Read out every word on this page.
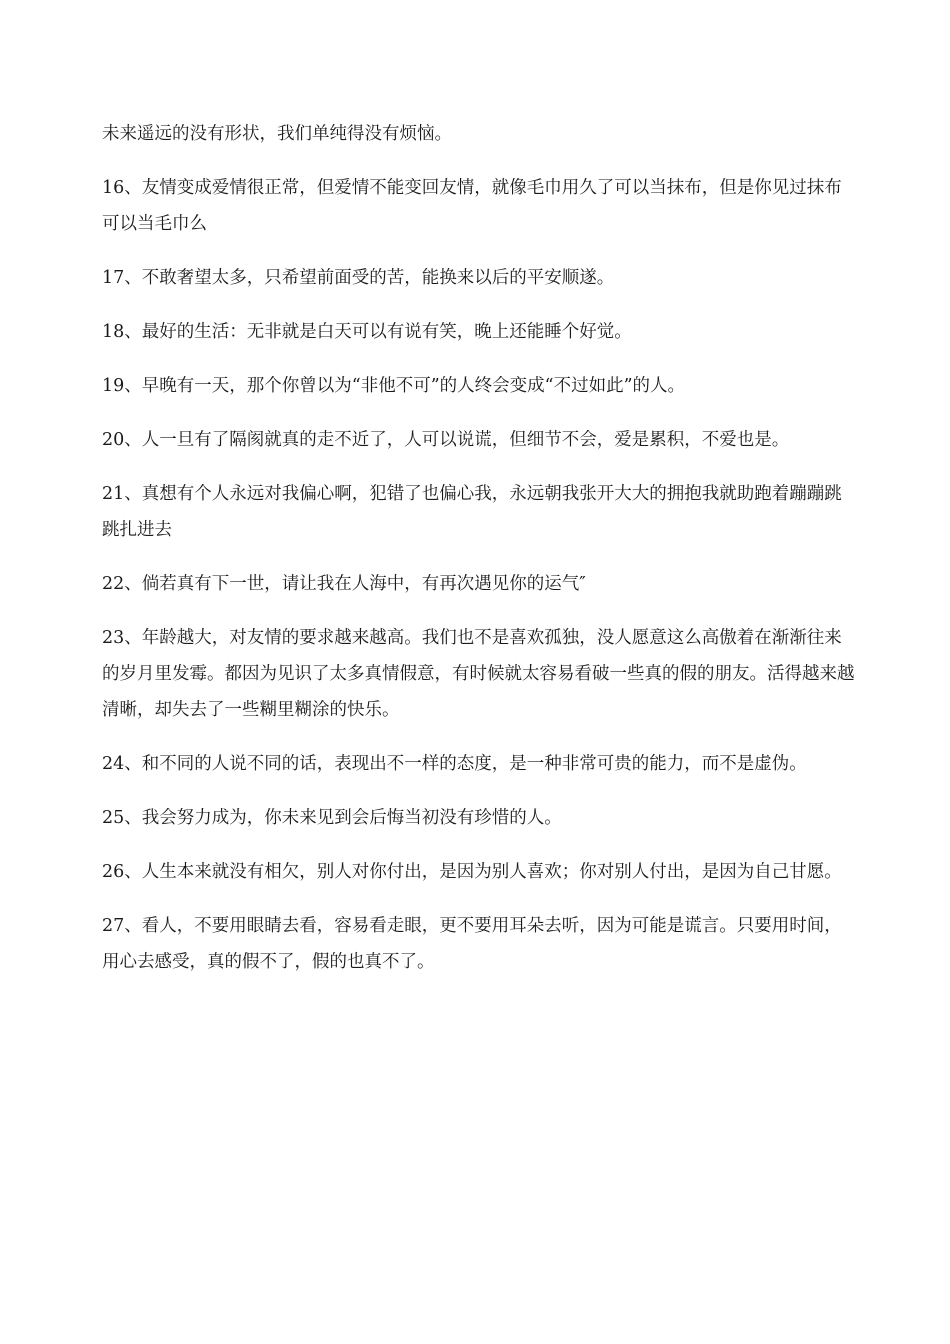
未来遥远的没有形状，我们单纯得没有烦恼。

16、友情变成爱情很正常，但爱情不能变回友情，就像毛巾用久了可以当抹布，但是你见过抹布可以当毛巾么

17、不敢奢望太多，只希望前面受的苦，能换来以后的平安顺遂。

18、最好的生活：无非就是白天可以有说有笑，晚上还能睡个好觉。

19、早晚有一天，那个你曾以为“非他不可”的人终会变成“不过如此”的人。

20、人一旦有了隔阂就真的走不近了，人可以说谎，但细节不会，爱是累积，不爱也是。

21、真想有个人永远对我偏心啊，犯错了也偏心我，永远朝我张开大大的拥抱我就助跑着蹦蹦跳跳扎进去

22、倘若真有下一世，请让我在人海中，有再次遇见你的运气″

23、年龄越大，对友情的要求越来越高。我们也不是喜欢孤独，没人愿意这么高傲着在渐渐往来的岁月里发霉。都因为见识了太多真情假意，有时候就太容易看破一些真的假的朋友。活得越来越清晰，却失去了一些糊里糊涂的快乐。

24、和不同的人说不同的话，表现出不一样的态度，是一种非常可贵的能力，而不是虚伪。

25、我会努力成为，你未来见到会后悔当初没有珍惜的人。

26、人生本来就没有相欠，别人对你付出，是因为别人喜欢；你对别人付出，是因为自己甘愿。

27、看人，不要用眼睛去看，容易看走眼，更不要用耳朵去听，因为可能是谎言。只要用时间，用心去感受，真的假不了，假的也真不了。
